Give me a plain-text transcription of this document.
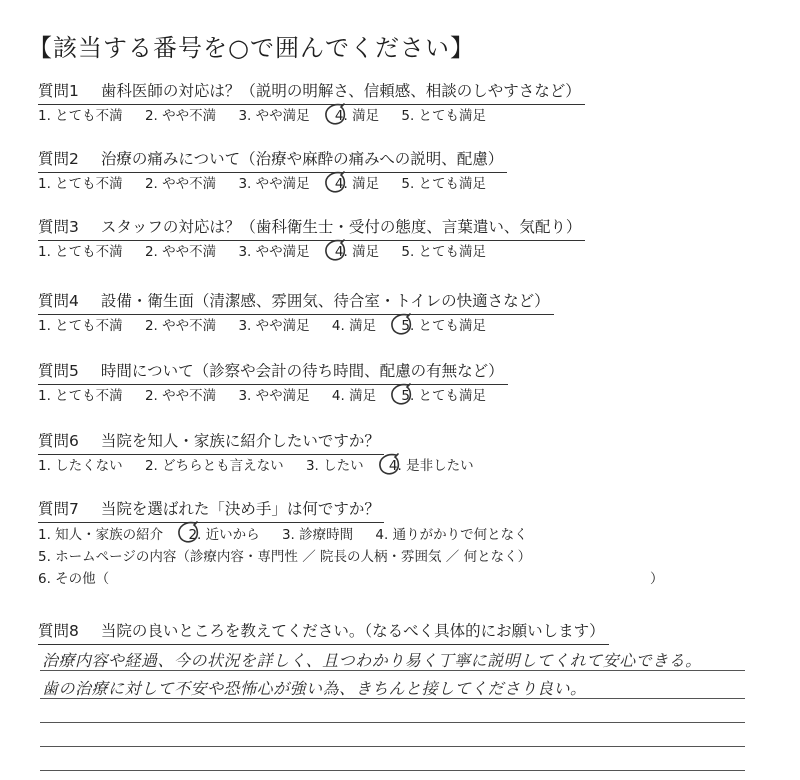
【該当する番号を○で囲んでください】
質問1 歯科医師の対応は？（説明の明解さ、信頼感、相談のしやすさなど）
1. とても不満 2. やや不満 3. やや満足 4. 満足 5. とても満足
質問2 治療の痛みについて（治療や麻酔の痛みへの説明、配慮）
1. とても不満 2. やや不満 3. やや満足 4. 満足 5. とても満足
質問3 スタッフの対応は？（歯科衛生士・受付の態度、言葉遣い、気配り）
1. とても不満 2. やや不満 3. やや満足 4. 満足 5. とても満足
質問4 設備・衛生面（清潔感、雰囲気、待合室・トイレの快適さなど）
1. とても不満 2. やや不満 3. やや満足 4. 満足 5. とても満足
質問5 時間について（診察や会計の待ち時間、配慮の有無など）
1. とても不満 2. やや不満 3. やや満足 4. 満足 5. とても満足
質問6 当院を知人・家族に紹介したいですか？
1. したくない 2. どちらとも言えない 3. したい 4. 是非したい
質問7 当院を選ばれた「決め手」は何ですか？
1. 知人・家族の紹介 2. 近いから 3. 診療時間 4. 通りがかりで何となく
5. ホームページの内容（診療内容・専門性 ／ 院長の人柄・雰囲気 ／ 何となく）
6. その他（	）
質問8 当院の良いところを教えてください。（なるべく具体的にお願いします）
治療内容や経過、今の状況を詳しく、且つわかり易く丁寧に説明してくれて安心できる。
歯の治療に対して不安や恐怖心が強い為、きちんと接してくださり良い。
